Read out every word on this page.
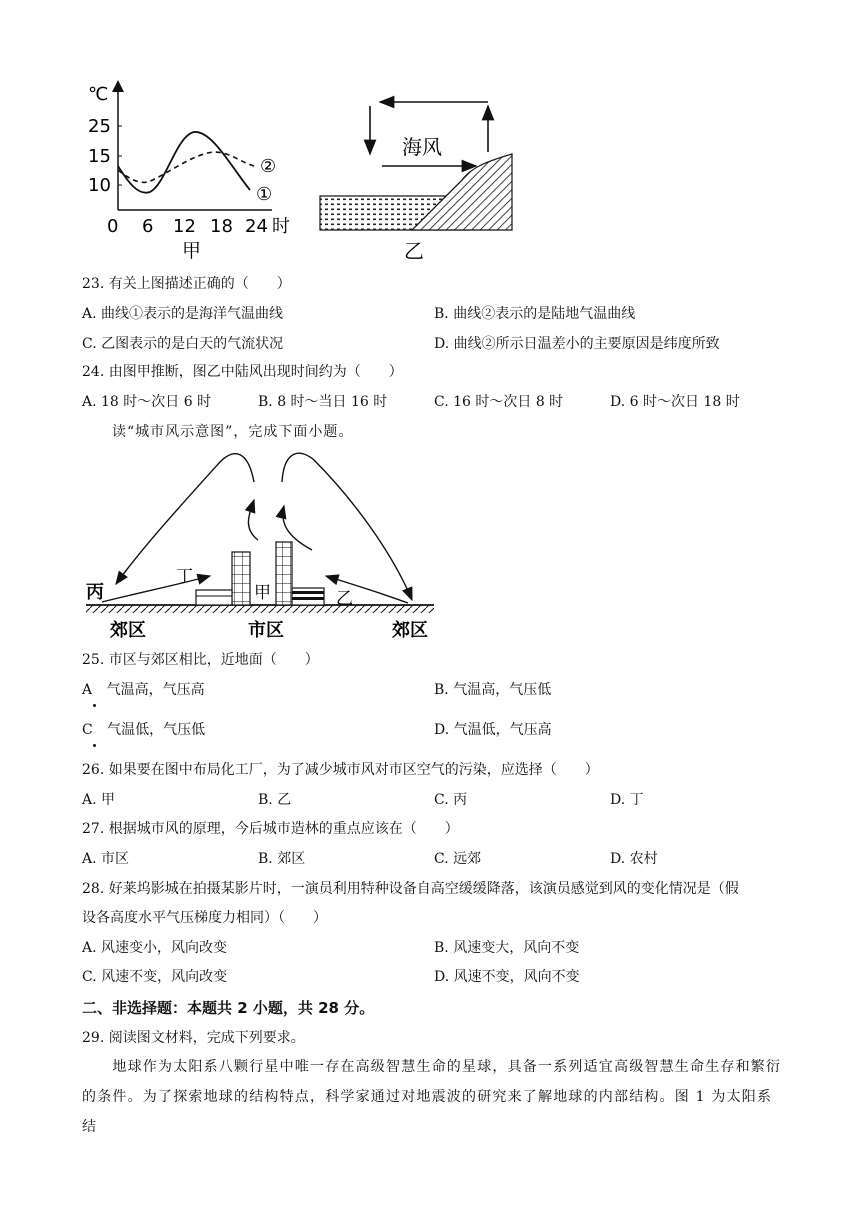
℃
25
15
10
0 6 12 18 24 时
②
①
甲
海风
乙
23. 有关上图描述正确的（　　）
A. 曲线①表示的是海洋气温曲线	B. 曲线②表示的是陆地气温曲线
C. 乙图表示的是白天的气流状况	D. 曲线②所示日温差小的主要原因是纬度所致
24. 由图甲推断，图乙中陆风出现时间约为（　　）
A. 18 时～次日 6 时	B. 8 时～当日 16 时	C. 16 时～次日 8 时	D. 6 时～次日 18 时
读“城市风示意图”，完成下面小题。
丙
丁
甲	乙
郊区	市区	郊区
25. 市区与郊区相比，近地面（　　）
A 气温高，气压高	B. 气温高，气压低
C 气温低，气压低	D. 气温低，气压高
26. 如果要在图中布局化工厂，为了减少城市风对市区空气的污染，应选择（　　）
A. 甲	B. 乙	C. 丙	D. 丁
27. 根据城市风的原理，今后城市造林的重点应该在（　　）
A. 市区	B. 郊区	C. 远郊	D. 农村
28. 好莱坞影城在拍摄某影片时，一演员利用特种设备自高空缓缓降落，该演员感觉到风的变化情况是（假
设各高度水平气压梯度力相同）（　　）
A. 风速变小，风向改变	B. 风速变大，风向不变
C. 风速不变，风向改变	D. 风速不变，风向不变
二、非选择题：本题共 2 小题，共 28 分。
29. 阅读图文材料，完成下列要求。
　　地球作为太阳系八颗行星中唯一存在高级智慧生命的星球，具备一系列适宜高级智慧生命生存和繁衍的条件。为了探索地球的结构特点，科学家通过对地震波的研究来了解地球的内部结构。图 1 为太阳系结
